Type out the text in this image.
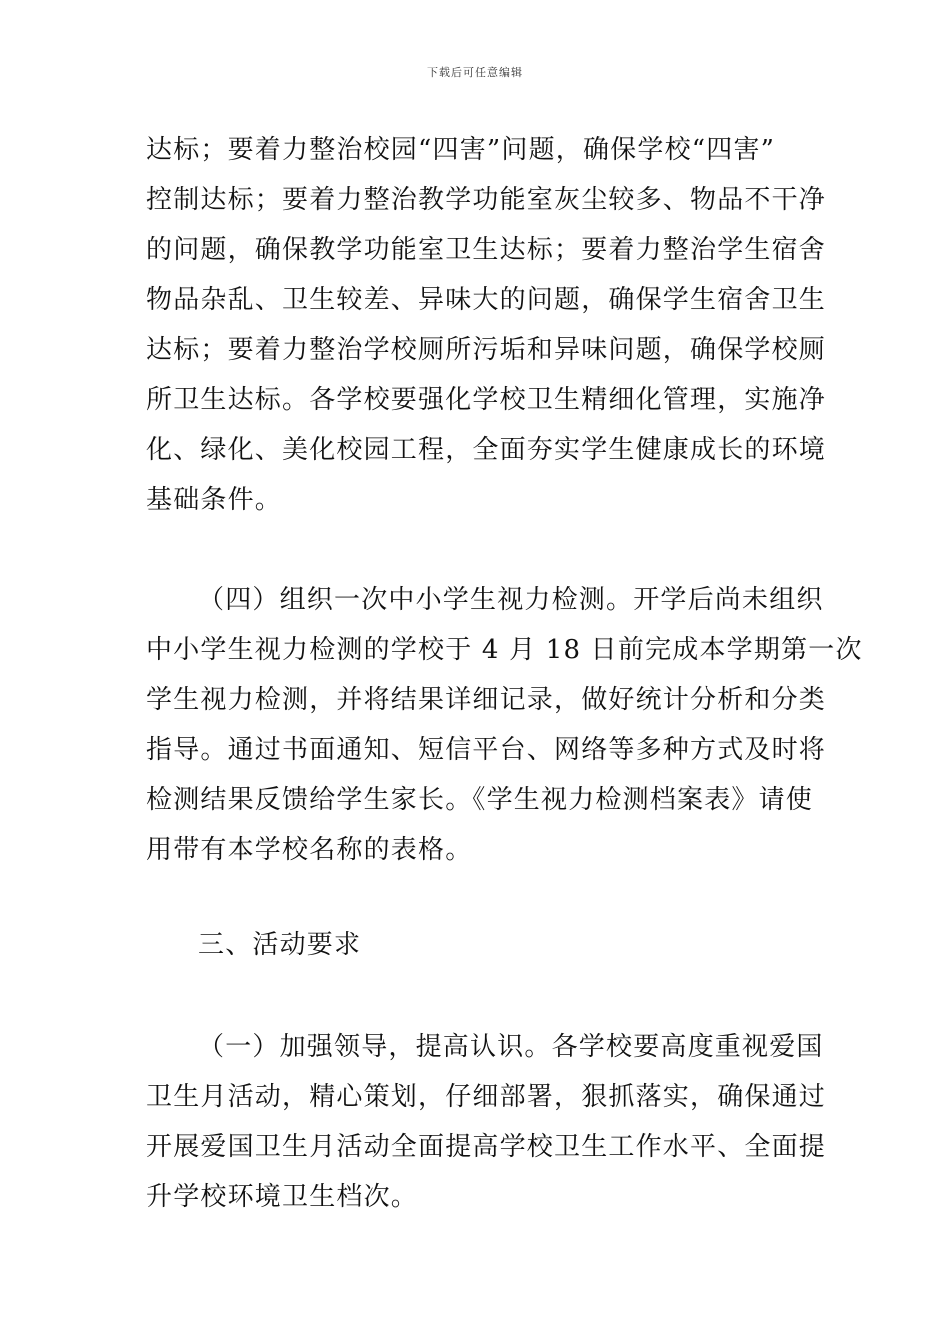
下载后可任意编辑
达标；要着力整治校园“四害”问题，确保学校“四害”
控制达标；要着力整治教学功能室灰尘较多、物品不干净
的问题，确保教学功能室卫生达标；要着力整治学生宿舍
物品杂乱、卫生较差、异味大的问题，确保学生宿舍卫生
达标；要着力整治学校厕所污垢和异味问题，确保学校厕
所卫生达标。各学校要强化学校卫生精细化管理，实施净
化、绿化、美化校园工程，全面夯实学生健康成长的环境
基础条件。
（四）组织一次中小学生视力检测。开学后尚未组织
中小学生视力检测的学校于 4 月 18 日前完成本学期第一次
学生视力检测，并将结果详细记录，做好统计分析和分类
指导。通过书面通知、短信平台、网络等多种方式及时将
检测结果反馈给学生家长。《学生视力检测档案表》请使
用带有本学校名称的表格。
三、活动要求
（一）加强领导，提高认识。各学校要高度重视爱国
卫生月活动，精心策划，仔细部署，狠抓落实，确保通过
开展爱国卫生月活动全面提高学校卫生工作水平、全面提
升学校环境卫生档次。
